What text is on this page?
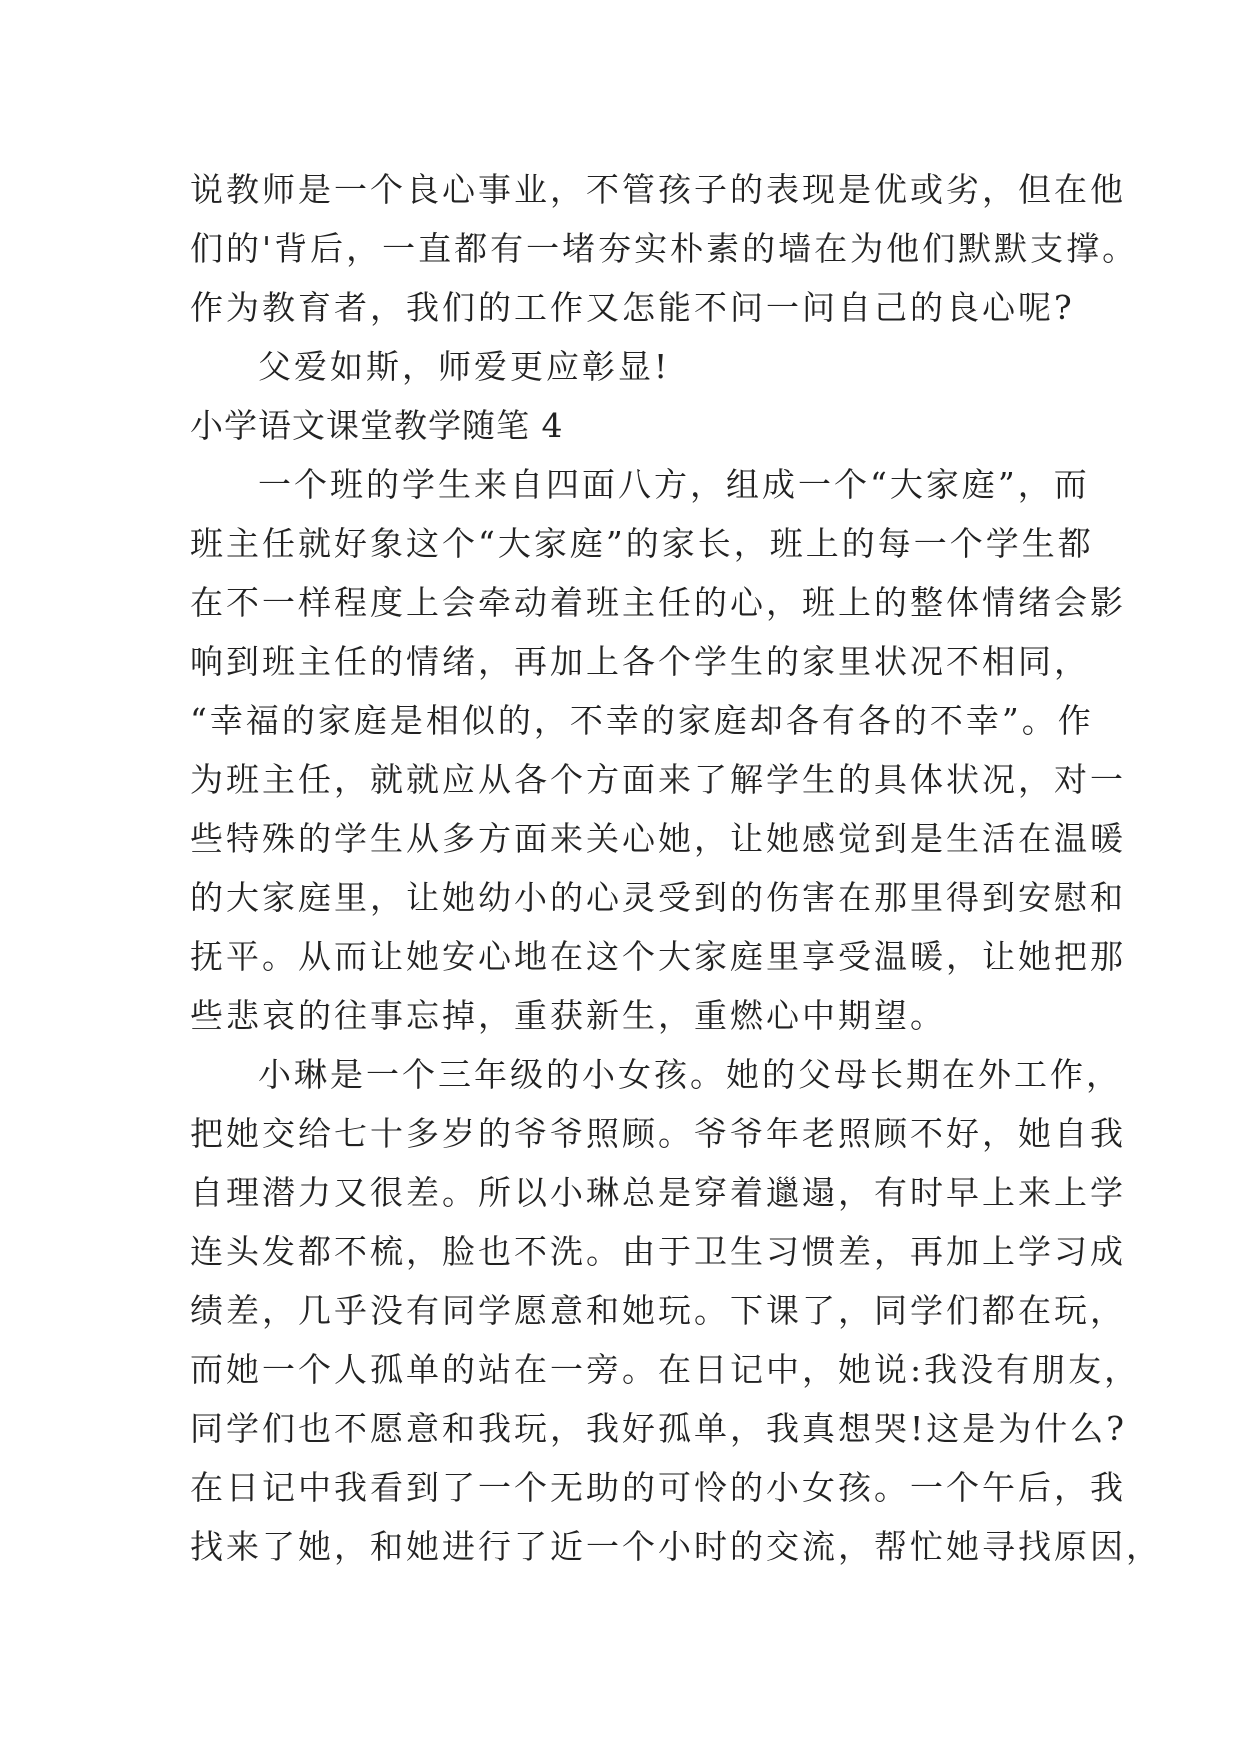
说教师是一个良心事业，不管孩子的表现是优或劣，但在他
们的'背后，一直都有一堵夯实朴素的墙在为他们默默支撑。
作为教育者，我们的工作又怎能不问一问自己的良心呢?
父爱如斯，师爱更应彰显!
小学语文课堂教学随笔 4
一个班的学生来自四面八方，组成一个“大家庭”，而
班主任就好象这个“大家庭”的家长，班上的每一个学生都
在不一样程度上会牵动着班主任的心，班上的整体情绪会影
响到班主任的情绪，再加上各个学生的家里状况不相同，
“幸福的家庭是相似的，不幸的家庭却各有各的不幸”。作
为班主任，就就应从各个方面来了解学生的具体状况，对一
些特殊的学生从多方面来关心她，让她感觉到是生活在温暖
的大家庭里，让她幼小的心灵受到的伤害在那里得到安慰和
抚平。从而让她安心地在这个大家庭里享受温暖，让她把那
些悲哀的往事忘掉，重获新生，重燃心中期望。
小琳是一个三年级的小女孩。她的父母长期在外工作，
把她交给七十多岁的爷爷照顾。爷爷年老照顾不好，她自我
自理潜力又很差。所以小琳总是穿着邋遢，有时早上来上学
连头发都不梳，脸也不洗。由于卫生习惯差，再加上学习成
绩差，几乎没有同学愿意和她玩。下课了，同学们都在玩，
而她一个人孤单的站在一旁。在日记中，她说:我没有朋友，
同学们也不愿意和我玩，我好孤单，我真想哭!这是为什么?
在日记中我看到了一个无助的可怜的小女孩。一个午后，我
找来了她，和她进行了近一个小时的交流，帮忙她寻找原因，
